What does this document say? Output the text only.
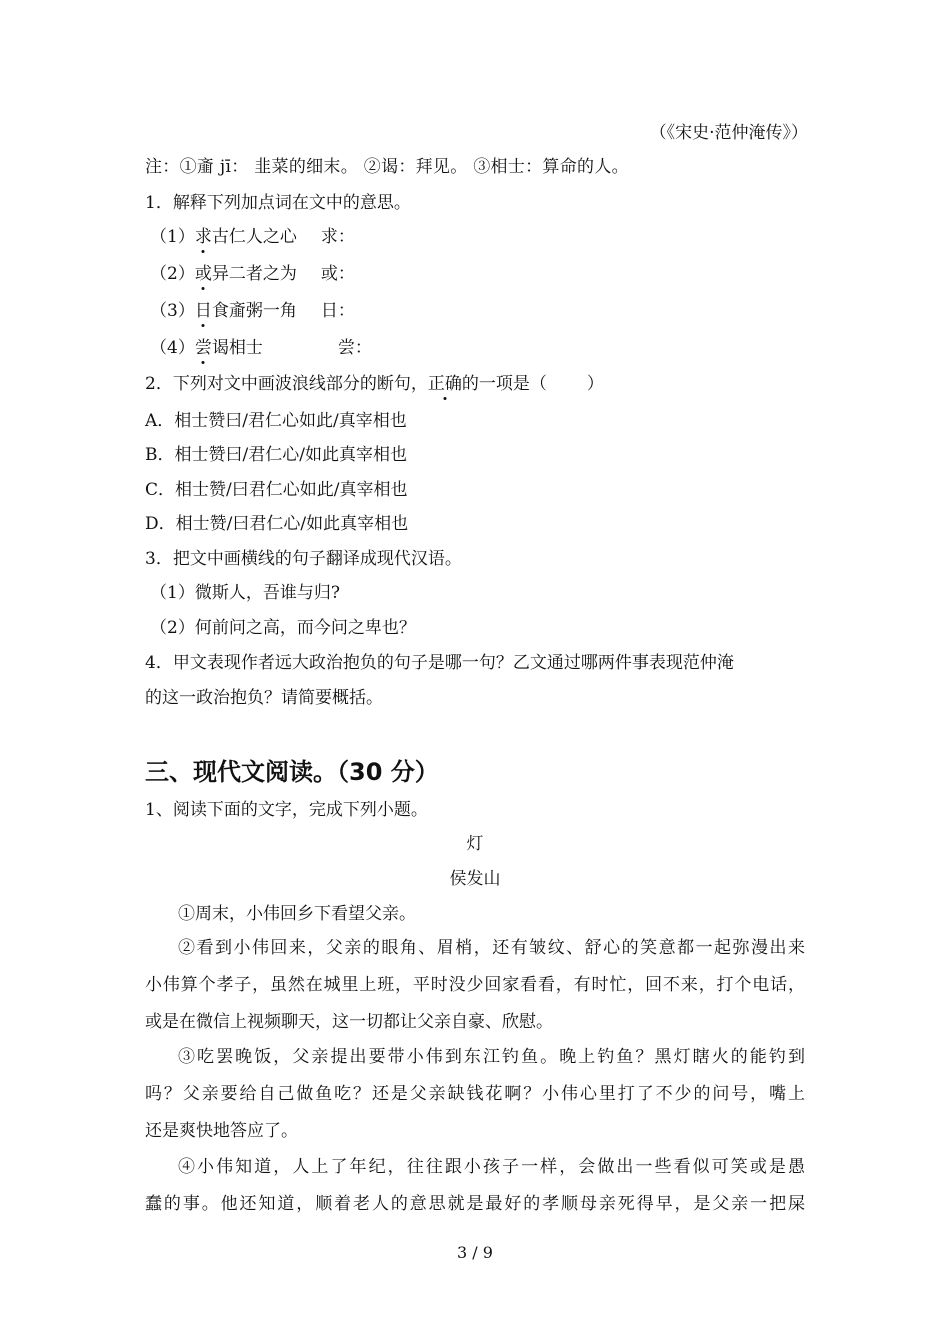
（《宋史·范仲淹传》）
注：①齑 jī： 韭菜的细末。 ②谒：拜见。 ③相士：算命的人。
1．解释下列加点词在文中的意思。
（1）求古仁人之心 求：
（2）或异二者之为 或：
（3）日食齑粥一角 日：
（4）尝谒相士	尝：
2．下列对文中画波浪线部分的断句，正确的一项是（ ）
A．相士赞曰/君仁心如此/真宰相也
B．相士赞曰/君仁心/如此真宰相也
C．相士赞/曰君仁心如此/真宰相也
D．相士赞/曰君仁心/如此真宰相也
3．把文中画横线的句子翻译成现代汉语。
（1）微斯人，吾谁与归?
（2）何前问之高，而今问之卑也？
4．甲文表现作者远大政治抱负的句子是哪一句？乙文通过哪两件事表现范仲淹
的这一政治抱负？请简要概括。
三、现代文阅读。（30 分）
1、阅读下面的文字，完成下列小题。
灯
侯发山
①周末，小伟回乡下看望父亲。
②看到小伟回来，父亲的眼角、眉梢，还有皱纹、舒心的笑意都一起弥漫出来
小伟算个孝子，虽然在城里上班，平时没少回家看看，有时忙，回不来，打个电话，
或是在微信上视频聊天，这一切都让父亲自豪、欣慰。
③吃罢晚饭，父亲提出要带小伟到东江钓鱼。晚上钓鱼？黑灯瞎火的能钓到
吗？父亲要给自己做鱼吃？还是父亲缺钱花啊？小伟心里打了不少的问号，嘴上
还是爽快地答应了。
④小伟知道，人上了年纪，往往跟小孩子一样，会做出一些看似可笑或是愚
蠢的事。他还知道，顺着老人的意思就是最好的孝顺母亲死得早，是父亲一把屎
3 / 9
